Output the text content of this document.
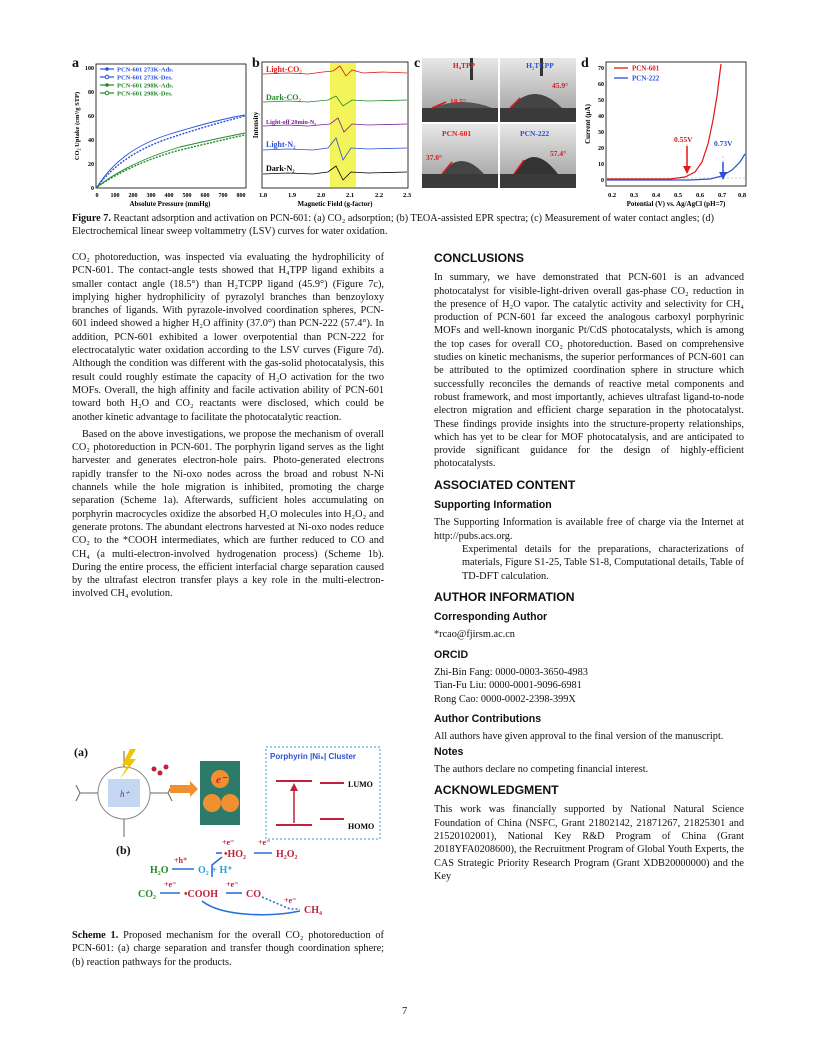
a	b	c	d
PCN-601 273K-Ads.
PCN-601 273K-Des.
PCN-601 298K-Ads.
PCN-601 298K-Des.
0
20
40
60
80
100
0 100 200 300 400 500 600 700 800
Absolute Pressure (mmHg)
CO₂ Uptake (cm³/g STP)
Light-CO₂
Dark-CO₂
Light-off 20min-N₂
Light-N₂
Dark-N₂
1.8	1.9	2.0	2.1	2.2	2.3
Magnetic Field (g-factor)
Intensity
H₄TPP	H₂TCPP
PCN-601	PCN-222
18.5°
45.9°
37.0°	57.4°
0.55V	0.73V
PCN-601
PCN-222
0
10
20
30
40
50
60
70
0.2 0.3 0.4 0.5 0.6 0.7 0.8
Potential (V) vs. Ag/AgCl (pH=7)
Current (μA)
Figure 7. Reactant adsorption and activation on PCN-601: (a) CO₂ adsorption; (b) TEOA-assisted EPR spectra; (c) Measurement of water contact angles; (d) Electrochemical linear sweep voltammetry (LSV) curves for water oxidation.

CO₂ photoreduction, was inspected via evaluating the hydrophilicity of PCN-601. The contact-angle tests showed that H₄TPP ligand exhibits a smaller contact angle (18.5°) than H₂TCPP ligand (45.9°) (Figure 7c), implying higher hydrophilicity of pyrazolyl branches than benzoyloxy branches of ligands. With pyrazole-involved coordination spheres, PCN-601 indeed showed a higher H₂O affinity (37.0°) than PCN-222 (57.4°). In addition, PCN-601 exhibited a lower overpotential than PCN-222 for electrocatalytic water oxidation according to the LSV curves (Figure 7d). Although the condition was different with the gas-solid photocatalysis, this result could roughly estimate the capacity of H₂O activation for the two MOFs. Overall, the high affinity and facile activation ability of PCN-601 toward both H₂O and CO₂ reactants were disclosed, which could be another kinetic advantage to facilitate the photocatalytic reaction.

Based on the above investigations, we propose the mechanism of overall CO₂ photoreduction in PCN-601. The porphyrin ligand serves as the light harvester and generates electron-hole pairs. Photo-generated electrons rapidly transfer to the Ni-oxo nodes across the broad and robust N-Ni channels while the hole migration is inhibited, promoting the charge separation (Scheme 1a). Afterwards, sufficient holes accumulating on porphyrin macrocycles oxidize the absorbed H₂O molecules into H₂O₂ and generate protons. The abundant electrons harvested at Ni-oxo nodes reduce CO₂ to the *COOH intermediates, which are further reduced to CO and CH₄ (a multi-electron-involved hydrogenation process) (Scheme 1b). During the entire process, the efficient interfacial charge separation caused by the ultrafast electron transfer plays a key role in the multi-electron-involved CH₄ evolution.

(a)
(b)
h⁺
e⁻
Porphyrin |Ni₈| Cluster
LUMO
HOMO
H₂O	O₂ + H⁺
•HO₂	H₂O₂
CO₂	•COOH	CO
CH₄
+e⁻	+e⁻
+h⁺
+e⁻	+e⁻
+e⁻
Scheme 1. Proposed mechanism for the overall CO₂ photoreduction of PCN-601: (a) charge separation and transfer though coordination sphere; (b) reaction pathways for the products.
CONCLUSIONS

In summary, we have demonstrated that PCN-601 is an advanced photocatalyst for visible-light-driven overall gas-phase CO₂ reduction in the presence of H₂O vapor. The catalytic activity and selectivity for CH₄ production of PCN-601 far exceed the analogous carboxyl porphyrinic MOFs and well-known inorganic Pt/CdS photocatalysts, which is among the top cases for overall CO₂ photoreduction. Based on comprehensive studies on kinetic mechanisms, the superior performances of PCN-601 can be attributed to the optimized coordination sphere in structure which successfully reconciles the demands of reactive metal components and robust framework, and most importantly, achieves ultrafast ligand-to-node electron migration and efficient charge separation in the photocatalyst. These findings provide insights into the structure-property relationships, which has yet to be clear for MOF photocatalysis, and are anticipated to provide significant guidance for the design of highly-efficient photocatalysts.

ASSOCIATED CONTENT
Supporting Information

The Supporting Information is available free of charge via the Internet at http://pubs.acs.org.

Experimental details for the preparations, characterizations of materials, Figure S1-25, Table S1-8, Computational details, Table of TD-DFT calculation.
AUTHOR INFORMATION
Corresponding Author
*rcao@fjirsm.ac.cn
ORCID
Zhi-Bin Fang: 0000-0003-3650-4983
Tian-Fu Liu: 0000-0001-9096-6981
Rong Cao: 0000-0002-2398-399X
Author Contributions
All authors have given approval to the final version of the manuscript.
Notes
The authors declare no competing financial interest.
ACKNOWLEDGMENT

This work was financially supported by National Natural Science Foundation of China (NSFC, Grant 21802142, 21871267, 21825301 and 21520102001), National Key R&D Program of China (Grant 2018YFA0208600), the Recruitment Program of Global Youth Experts, the CAS Strategic Priority Research Program (Grant XDB20000000) and the Key

7
